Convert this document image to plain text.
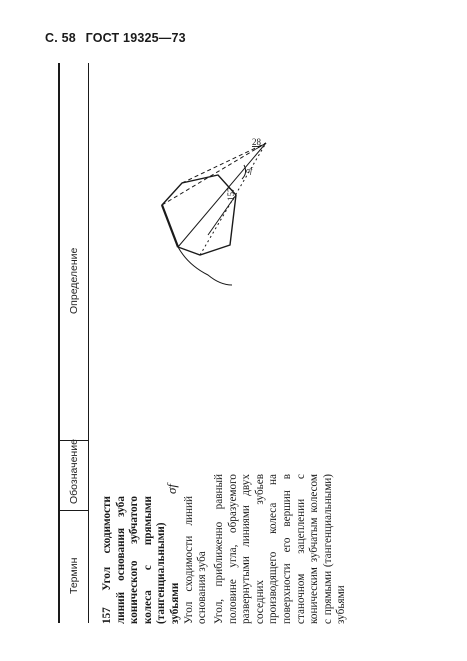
С. 58 ГОСТ 19325—73
Термин
Обозначение
Определение
157 Угол сходимости линий основания зуба конического зубчатого колеса с прямыми (тангенциальными) зубьями Угол сходимости линий основания зуба
σf	Угол, приближенно равный половине угла, образуемого развернутыми линиями двух соседних зубьев производящего колеса на поверхности его вершин в станочном зацеплении с коническим зубчатым колесом с прямыми (тангенциальными) зубьями
28
157
σf
